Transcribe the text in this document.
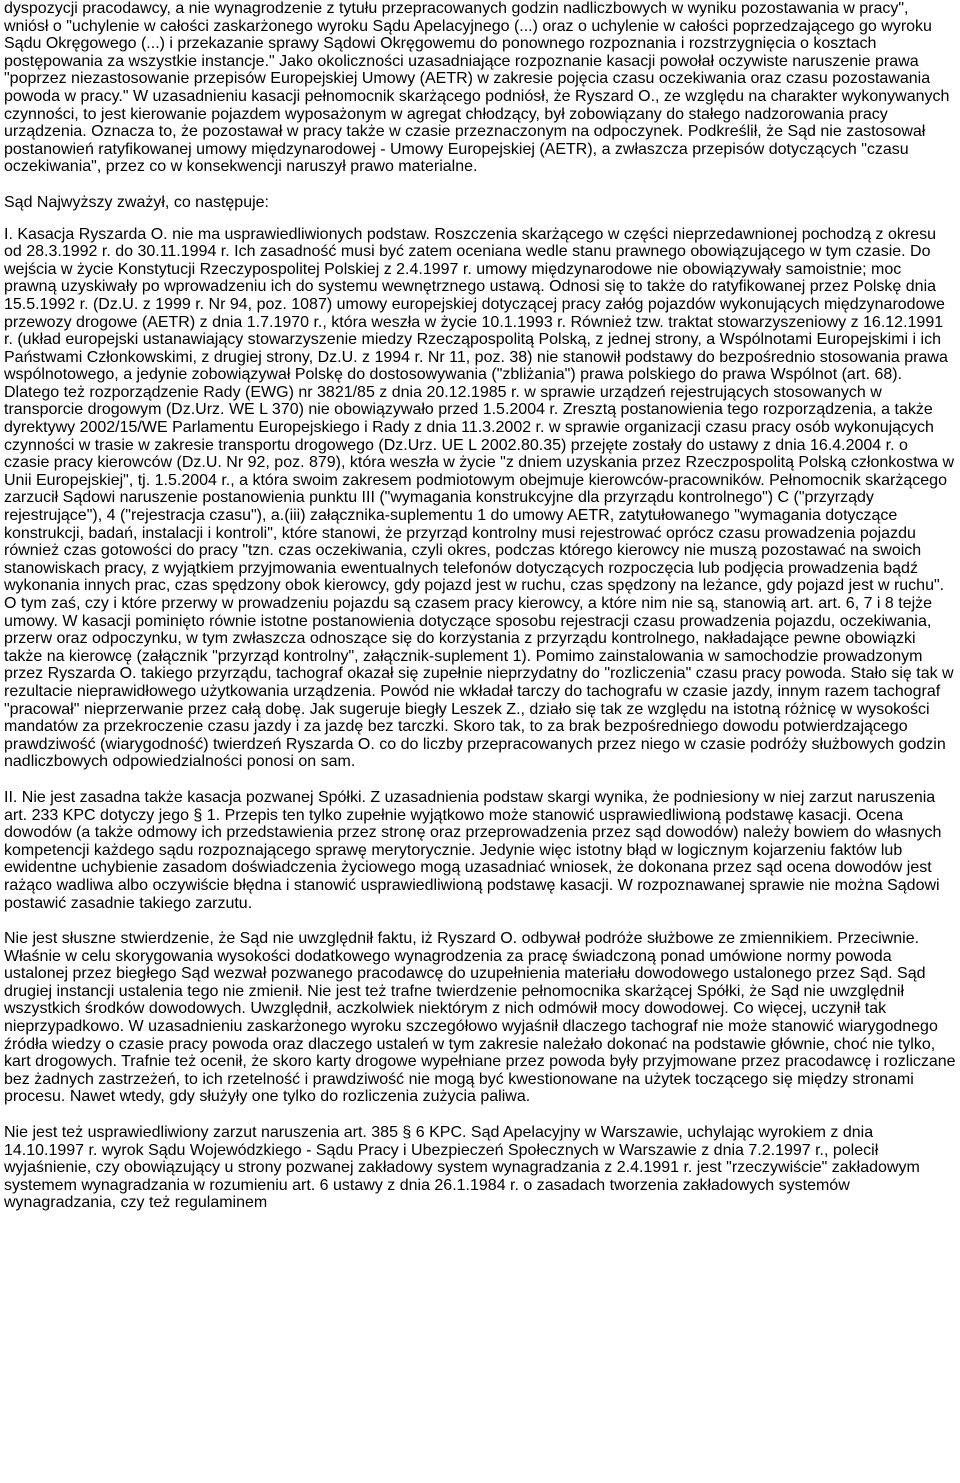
dyspozycji pracodawcy, a nie wynagrodzenie z tytułu przepracowanych godzin nadliczbowych w wyniku pozostawania w pracy", wniósł o "uchylenie w całości zaskarżonego wyroku Sądu Apelacyjnego (...) oraz o uchylenie w całości poprzedzającego go wyroku Sądu Okręgowego (...) i przekazanie sprawy Sądowi Okręgowemu do ponownego rozpoznania i rozstrzygnięcia o kosztach postępowania za wszystkie instancje." Jako okoliczności uzasadniające rozpoznanie kasacji powołał oczywiste naruszenie prawa "poprzez niezastosowanie przepisów Europejskiej Umowy (AETR) w zakresie pojęcia czasu oczekiwania oraz czasu pozostawania powoda w pracy." W uzasadnieniu kasacji pełnomocnik skarżącego podniósł, że Ryszard O., ze względu na charakter wykonywanych czynności, to jest kierowanie pojazdem wyposażonym w agregat chłodzący, był zobowiązany do stałego nadzorowania pracy urządzenia. Oznacza to, że pozostawał w pracy także w czasie przeznaczonym na odpoczynek. Podkreślił, że Sąd nie zastosował postanowień ratyfikowanej umowy międzynarodowej - Umowy Europejskiej (AETR), a zwłaszcza przepisów dotyczących "czasu oczekiwania", przez co w konsekwencji naruszył prawo materialne.

Sąd Najwyższy zważył, co następuje:

I. Kasacja Ryszarda O. nie ma usprawiedliwionych podstaw. Roszczenia skarżącego w części nieprzedawnionej pochodzą z okresu od 28.3.1992 r. do 30.11.1994 r. Ich zasadność musi być zatem oceniana wedle stanu prawnego obowiązującego w tym czasie. Do wejścia w życie Konstytucji Rzeczypospolitej Polskiej z 2.4.1997 r. umowy międzynarodowe nie obowiązywały samoistnie; moc prawną uzyskiwały po wprowadzeniu ich do systemu wewnętrznego ustawą. Odnosi się to także do ratyfikowanej przez Polskę dnia 15.5.1992 r. (Dz.U. z 1999 r. Nr 94, poz. 1087) umowy europejskiej dotyczącej pracy załóg pojazdów wykonujących międzynarodowe przewozy drogowe (AETR) z dnia 1.7.1970 r., która weszła w życie 10.1.1993 r. Również tzw. traktat stowarzyszeniowy z 16.12.1991 r. (układ europejski ustanawiający stowarzyszenie miedzy Rzecząpospolitą Polską, z jednej strony, a Wspólnotami Europejskimi i ich Państwami Członkowskimi, z drugiej strony, Dz.U. z 1994 r. Nr 11, poz. 38) nie stanowił podstawy do bezpośrednio stosowania prawa wspólnotowego, a jedynie zobowiązywał Polskę do dostosowywania ("zbliżania") prawa polskiego do prawa Wspólnot (art. 68). Dlatego też rozporządzenie Rady (EWG) nr 3821/85 z dnia 20.12.1985 r. w sprawie urządzeń rejestrujących stosowanych w transporcie drogowym (Dz.Urz. WE L 370) nie obowiązywało przed 1.5.2004 r. Zresztą postanowienia tego rozporządzenia, a także dyrektywy 2002/15/WE Parlamentu Europejskiego i Rady z dnia 11.3.2002 r. w sprawie organizacji czasu pracy osób wykonujących czynności w trasie w zakresie transportu drogowego (Dz.Urz. UE L 2002.80.35) przejęte zostały do ustawy z dnia 16.4.2004 r. o czasie pracy kierowców (Dz.U. Nr 92, poz. 879), która weszła w życie "z dniem uzyskania przez Rzeczpospolitą Polską członkostwa w Unii Europejskiej", tj. 1.5.2004 r., a która swoim zakresem podmiotowym obejmuje kierowców-pracowników. Pełnomocnik skarżącego zarzucił Sądowi naruszenie postanowienia punktu III ("wymagania konstrukcyjne dla przyrządu kontrolnego") C ("przyrządy rejestrujące"), 4 ("rejestracja czasu"), a.(iii) załącznika-suplementu 1 do umowy AETR, zatytułowanego "wymagania dotyczące konstrukcji, badań, instalacji i kontroli", które stanowi, że przyrząd kontrolny musi rejestrować oprócz czasu prowadzenia pojazdu również czas gotowości do pracy "tzn. czas oczekiwania, czyli okres, podczas którego kierowcy nie muszą pozostawać na swoich stanowiskach pracy, z wyjątkiem przyjmowania ewentualnych telefonów dotyczących rozpoczęcia lub podjęcia prowadzenia bądź wykonania innych prac, czas spędzony obok kierowcy, gdy pojazd jest w ruchu, czas spędzony na leżance, gdy pojazd jest w ruchu". O tym zaś, czy i które przerwy w prowadzeniu pojazdu są czasem pracy kierowcy, a które nim nie są, stanowią art. art. 6, 7 i 8 tejże umowy. W kasacji pominięto równie istotne postanowienia dotyczące sposobu rejestracji czasu prowadzenia pojazdu, oczekiwania, przerw oraz odpoczynku, w tym zwłaszcza odnoszące się do korzystania z przyrządu kontrolnego, nakładające pewne obowiązki także na kierowcę (załącznik "przyrząd kontrolny", załącznik-suplement 1). Pomimo zainstalowania w samochodzie prowadzonym przez Ryszarda O. takiego przyrządu, tachograf okazał się zupełnie nieprzydatny do "rozliczenia" czasu pracy powoda. Stało się tak w rezultacie nieprawidłowego użytkowania urządzenia. Powód nie wkładał tarczy do tachografu w czasie jazdy, innym razem tachograf "pracował" nieprzerwanie przez całą dobę. Jak sugeruje biegły Leszek Z., działo się tak ze względu na istotną różnicę w wysokości mandatów za przekroczenie czasu jazdy i za jazdę bez tarczki. Skoro tak, to za brak bezpośredniego dowodu potwierdzającego prawdziwość (wiarygodność) twierdzeń Ryszarda O. co do liczby przepracowanych przez niego w czasie podróży służbowych godzin nadliczbowych odpowiedzialności ponosi on sam.

II. Nie jest zasadna także kasacja pozwanej Spółki. Z uzasadnienia podstaw skargi wynika, że podniesiony w niej zarzut naruszenia art. 233 KPC dotyczy jego § 1. Przepis ten tylko zupełnie wyjątkowo może stanowić usprawiedliwioną podstawę kasacji. Ocena dowodów (a także odmowy ich przedstawienia przez stronę oraz przeprowadzenia przez sąd dowodów) należy bowiem do własnych kompetencji każdego sądu rozpoznającego sprawę merytorycznie. Jedynie więc istotny błąd w logicznym kojarzeniu faktów lub ewidentne uchybienie zasadom doświadczenia życiowego mogą uzasadniać wniosek, że dokonana przez sąd ocena dowodów jest rażąco wadliwa albo oczywiście błędna i stanowić usprawiedliwioną podstawę kasacji. W rozpoznawanej sprawie nie można Sądowi postawić zasadnie takiego zarzutu.

Nie jest słuszne stwierdzenie, że Sąd nie uwzględnił faktu, iż Ryszard O. odbywał podróże służbowe ze zmiennikiem. Przeciwnie. Właśnie w celu skorygowania wysokości dodatkowego wynagrodzenia za pracę świadczoną ponad umówione normy powoda ustalonej przez biegłego Sąd wezwał pozwanego pracodawcę do uzupełnienia materiału dowodowego ustalonego przez Sąd. Sąd drugiej instancji ustalenia tego nie zmienił. Nie jest też trafne twierdzenie pełnomocnika skarżącej Spółki, że Sąd nie uwzględnił wszystkich środków dowodowych. Uwzględnił, aczkolwiek niektórym z nich odmówił mocy dowodowej. Co więcej, uczynił tak nieprzypadkowo. W uzasadnieniu zaskarżonego wyroku szczegółowo wyjaśnił dlaczego tachograf nie może stanowić wiarygodnego źródła wiedzy o czasie pracy powoda oraz dlaczego ustaleń w tym zakresie należało dokonać na podstawie głównie, choć nie tylko, kart drogowych. Trafnie też ocenił, że skoro karty drogowe wypełniane przez powoda były przyjmowane przez pracodawcę i rozliczane bez żadnych zastrzeżeń, to ich rzetelność i prawdziwość nie mogą być kwestionowane na użytek toczącego się między stronami procesu. Nawet wtedy, gdy służyły one tylko do rozliczenia zużycia paliwa.

Nie jest też usprawiedliwiony zarzut naruszenia art. 385 § 6 KPC. Sąd Apelacyjny w Warszawie, uchylając wyrokiem z dnia 14.10.1997 r. wyrok Sądu Wojewódzkiego - Sądu Pracy i Ubezpieczeń Społecznych w Warszawie z dnia 7.2.1997 r., polecił wyjaśnienie, czy obowiązujący u strony pozwanej zakładowy system wynagradzania z 2.4.1991 r. jest "rzeczywiście" zakładowym systemem wynagradzania w rozumieniu art. 6 ustawy z dnia 26.1.1984 r. o zasadach tworzenia zakładowych systemów wynagradzania, czy też regulaminem
